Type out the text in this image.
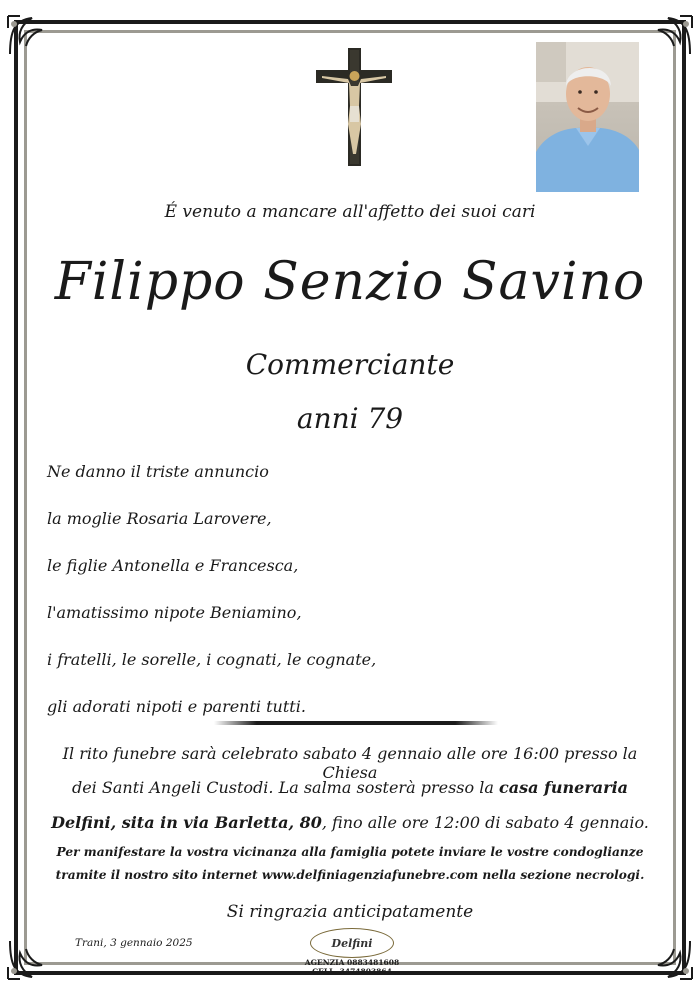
É venuto a mancare all'affetto dei suoi cari
Filippo Senzio Savino
Commerciante
anni 79
Ne danno il triste annuncio
la moglie Rosaria Larovere,
le figlie Antonella e Francesca,
l'amatissimo nipote Beniamino,
i fratelli, le sorelle, i cognati, le cognate,
gli adorati nipoti e parenti tutti.
Il rito funebre sarà celebrato sabato 4 gennaio alle ore 16:00 presso la Chiesa
dei Santi Angeli Custodi. La salma sosterà presso la casa funeraria
Delfini, sita in via Barletta, 80, fino alle ore 12:00 di sabato 4 gennaio.
Per manifestare la vostra vicinanza alla famiglia potete inviare le vostre condoglianze
tramite il nostro sito internet www.delfiniagenziafunebre.com nella sezione necrologi.
Si ringrazia anticipatamente
Trani, 3 gennaio 2025	Delfini
AGENZIA 0883481608
CELL. 3474803864
